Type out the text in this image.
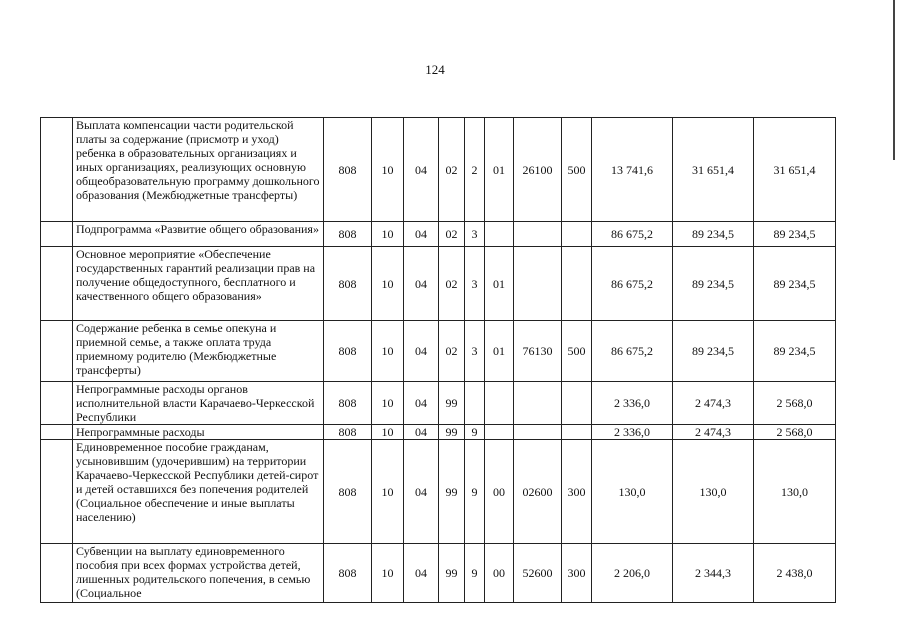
124
	Выплата компенсации части родительской платы за содержание (присмотр и уход) ребенка в образовательных организациях и иных организациях, реализующих основную общеобразовательную программу дошкольного образования (Межбюджетные трансферты)	808	10	04	02	2	01	26100	500	13 741,6	31 651,4	31 651,4
	Подпрограмма «Развитие общего образования»	808	10	04	02	3				86 675,2	89 234,5	89 234,5
	Основное мероприятие «Обеспечение государственных гарантий реализации прав на получение общедоступного, бесплатного и качественного общего образования»	808	10	04	02	3	01			86 675,2	89 234,5	89 234,5
	Содержание ребенка в семье опекуна и приемной семье, а также оплата труда приемному родителю (Межбюджетные трансферты)	808	10	04	02	3	01	76130	500	86 675,2	89 234,5	89 234,5
	Непрограммные расходы органов исполнительной власти Карачаево-Черкесской Республики	808	10	04	99					2 336,0	2 474,3	2 568,0
	Непрограммные расходы	808	10	04	99	9				2 336,0	2 474,3	2 568,0
	Единовременное пособие гражданам, усыновившим (удочерившим) на территории Карачаево-Черкесской Республики детей-сирот и детей оставшихся без попечения родителей (Социальное обеспечение и иные выплаты населению)	808	10	04	99	9	00	02600	300	130,0	130,0	130,0
	Субвенции на выплату единовременного пособия при всех формах устройства детей, лишенных родительского попечения, в семью (Социальное	808	10	04	99	9	00	52600	300	2 206,0	2 344,3	2 438,0
